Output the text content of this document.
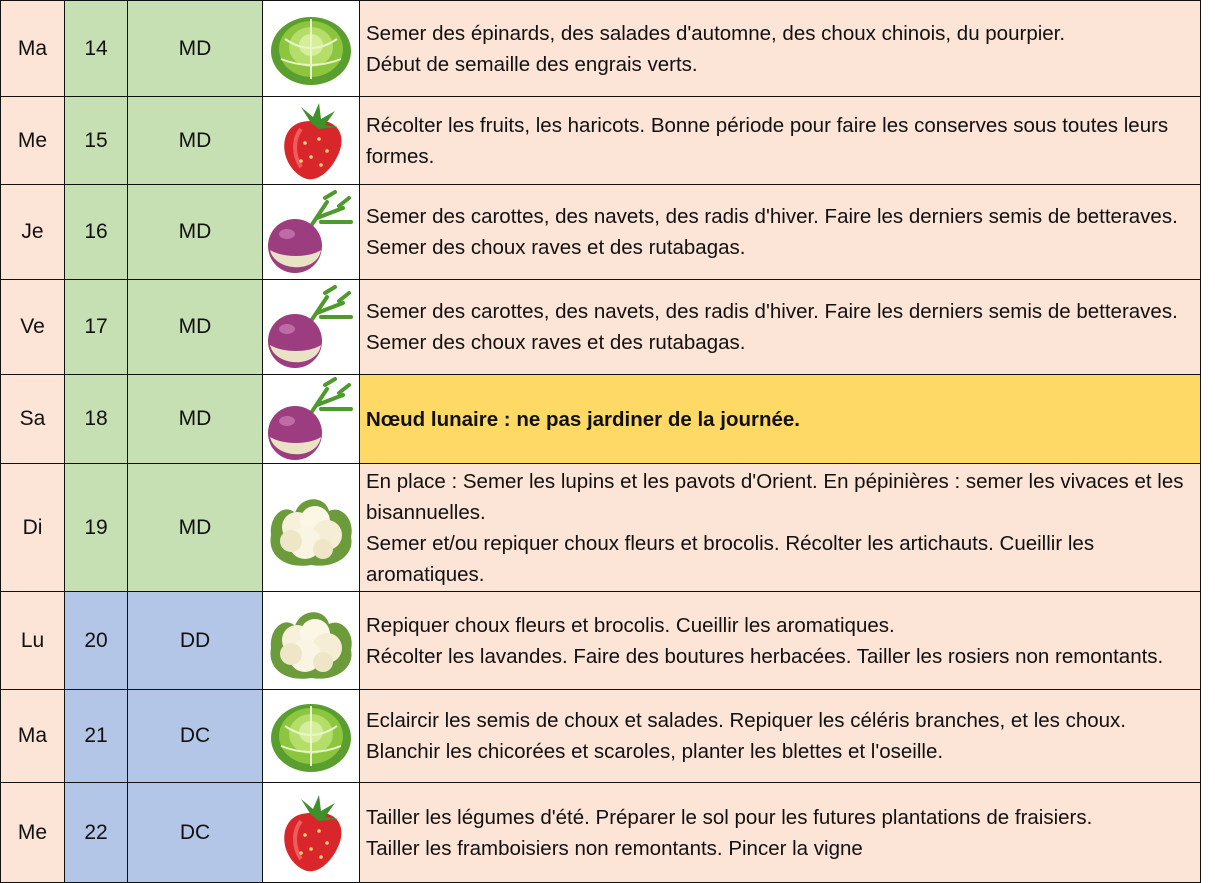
Ma	14	MD		Semer des épinards, des salades d'automne, des choux chinois, du pourpier.
Début de semaille des engrais verts.

Me	15	MD		Récolter les fruits, les haricots. Bonne période pour faire les conserves sous toutes leurs formes.

Je	16	MD		Semer des carottes, des navets, des radis d'hiver. Faire les derniers semis de betteraves.
Semer des choux raves et des rutabagas.

Ve	17	MD		Semer des carottes, des navets, des radis d'hiver. Faire les derniers semis de betteraves.
Semer des choux raves et des rutabagas.

Sa	18	MD		Nœud lunaire : ne pas jardiner de la journée.

Di	19	MD		En place : Semer les lupins et les pavots d'Orient. En pépinières : semer les vivaces et les bisannuelles.
Semer et/ou repiquer choux fleurs et brocolis. Récolter les artichauts. Cueillir les aromatiques.

Lu	20	DD		Repiquer choux fleurs et brocolis. Cueillir les aromatiques.
Récolter les lavandes. Faire des boutures herbacées. Tailler les rosiers non remontants.

Ma	21	DC		Eclaircir les semis de choux et salades. Repiquer les céléris branches, et les choux. Blanchir les chicorées et scaroles, planter les blettes et l'oseille.

Me	22	DC		Tailler les légumes d'été. Préparer le sol pour les futures plantations de fraisiers.
Tailler les framboisiers non remontants. Pincer la vigne
